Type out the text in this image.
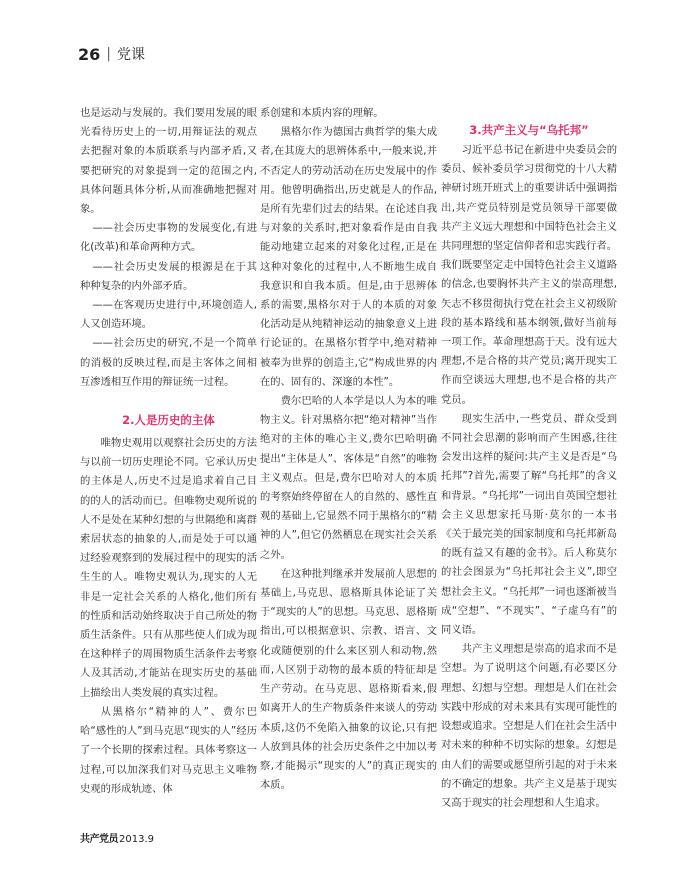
26 | 党课

也是运动与发展的。我们要用发展的眼光看待历史上的一切,用辩证法的观点去把握对象的本质联系与内部矛盾,又要把研究的对象提到一定的范围之内,具体问题具体分析,从而准确地把握对象。

——社会历史事物的发展变化,有进化(改革)和革命两种方式。

——社会历史发展的根源是在于其种种复杂的内外部矛盾。

——在客观历史进行中,环境创造人,人又创造环境。

——社会历史的研究,不是一个简单的消极的反映过程,而是主客体之间相互渗透相互作用的辩证统一过程。

2.人是历史的主体

唯物史观用以观察社会历史的方法与以前一切历史理论不同。它承认历史的主体是人,历史不过是追求着自己目的的人的活动而已。但唯物史观所说的人不是处在某种幻想的与世隔绝和离群索居状态的抽象的人,而是处于可以通过经验观察到的发展过程中的现实的活生生的人。唯物史观认为,现实的人无非是一定社会关系的人格化,他们所有的性质和活动始终取决于自己所处的物质生活条件。只有从那些使人们成为现在这种样子的周围物质生活条件去考察人及其活动,才能站在现实历史的基础上描绘出人类发展的真实过程。

从黑格尔“精神的人”、费尔巴哈“感性的人”到马克思“现实的人”经历了一个长期的探索过程。具体考察这一过程,可以加深我们对马克思主义唯物史观的形成轨迹、体

系创建和本质内容的理解。

黑格尔作为德国古典哲学的集大成者,在其庞大的思辨体系中,一般来说,并不否定人的劳动活动在历史发展中的作用。他曾明确指出,历史就是人的作品,是所有先辈们过去的结果。在论述自我与对象的关系时,把对象看作是由自我能动地建立起来的对象化过程,正是在这种对象化的过程中,人不断地生成自我意识和自我本质。但是,由于思辨体系的需要,黑格尔对于人的本质的对象化活动是从纯精神运动的抽象意义上进行论证的。在黑格尔哲学中,绝对精神被奉为世界的创造主,它“构成世界的内在的、固有的、深邃的本性”。

费尔巴哈的人本学是以人为本的唯物主义。针对黑格尔把“绝对精神”当作绝对的主体的唯心主义,费尔巴哈明确提出“主体是人”、客体是“自然”的唯物主义观点。但是,费尔巴哈对人的本质的考察始终停留在人的自然的、感性直观的基础上,它显然不同于黑格尔的“精神的人”,但它仍然栖息在现实社会关系之外。

在这种批判继承并发展前人思想的基础上,马克思、恩格斯具体论证了关于“现实的人”的思想。马克思、恩格斯指出,可以根据意识、宗教、语言、文化或随便别的什么来区别人和动物,然而,人区别于动物的最本质的特征却是生产劳动。在马克思、恩格斯看来,假如离开人的生产物质条件来谈人的劳动本质,这仍不免陷入抽象的议论,只有把人放到具体的社会历史条件之中加以考察,才能揭示“现实的人”的真正现实的本质。

3.共产主义与“乌托邦”

习近平总书记在新进中央委员会的委员、候补委员学习贯彻党的十八大精神研讨班开班式上的重要讲话中强调指出,共产党员特别是党员领导干部要做共产主义远大理想和中国特色社会主义共同理想的坚定信仰者和忠实践行者。我们既要坚定走中国特色社会主义道路的信念,也要胸怀共产主义的崇高理想,矢志不移贯彻执行党在社会主义初级阶段的基本路线和基本纲领,做好当前每一项工作。革命理想高于天。没有远大理想,不是合格的共产党员;离开现实工作而空谈远大理想,也不是合格的共产党员。

现实生活中,一些党员、群众受到不同社会思潮的影响而产生困惑,往往会发出这样的疑问:共产主义是否是“乌托邦”?首先,需要了解“乌托邦”的含义和背景。“乌托邦”一词出自英国空想社会主义思想家托马斯·莫尔的一本书《关于最完美的国家制度和乌托邦新岛的既有益又有趣的金书》。后人称莫尔的社会图景为“乌托邦社会主义”,即空想社会主义。“乌托邦”一词也逐渐被当成“空想”、“不现实”、“子虚乌有”的同义语。

共产主义理想是崇高的追求而不是空想。为了说明这个问题,有必要区分理想、幻想与空想。理想是人们在社会实践中形成的对未来具有实现可能性的设想或追求。空想是人们在社会生活中对未来的种种不切实际的想象。幻想是由人们的需要或愿望所引起的对于未来的不确定的想象。共产主义是基于现实又高于现实的社会理想和人生追求。

共产党员 2013.9
